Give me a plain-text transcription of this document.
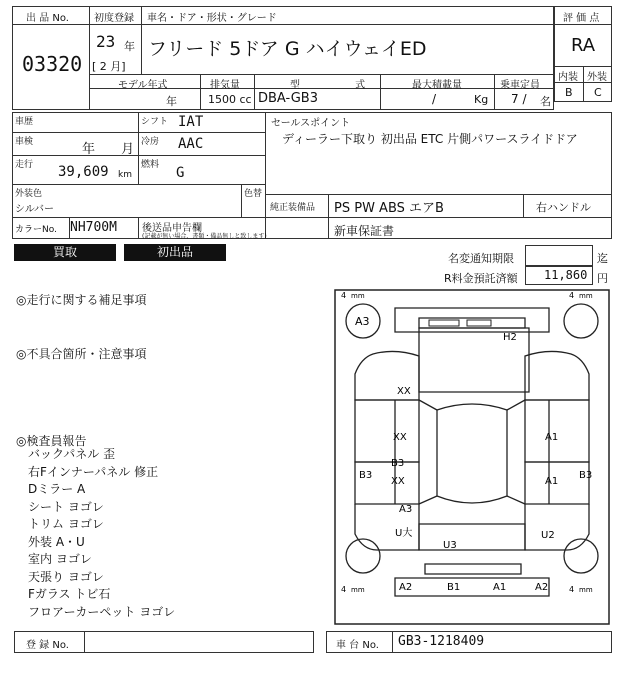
出 品 No.
03320
初度登録 車名・ドア・形状・グレード
23 年
[ 2 月]
フリード 5ドア G ハイウェイED
モデル年式	排気量	型 式 最大積載量	乗車定員
年	1500 cc DBA-GB3	/	Kg 7 / 名
評 価 点
RA
内装 外装
B C
車歴
車検	年 月
走行 39,609 km
シフト IAT
冷房 AAC
燃料 G
セールスポイント
ディーラー下取り 初出品 ETC 片側パワースライドドア
外装色
シルバー
色替
カラーNo. NH700M	後送品申告欄
(記載が無い場合、書類・備品無しと致します)
純正装備品 PS PW ABS エアB	右ハンドル
新車保証書
買取	初出品	名変通知期限	迄
R料金預託済額 11,860 円
◎走行に関する補足事項
◎不具合箇所・注意事項
◎検査員報告
バックパネル 歪
右Fインナーパネル 修正
Dミラー A
シート ヨゴレ
トリム ヨゴレ
外装 A・U
室内 ヨゴレ
天張り ヨゴレ
Fガラス トビ石
フロアーカーペット ヨゴレ
4 mm	4 mm
4 mm	4 mm
A3
H2
XX
XX	A1
B3
B3
XX	A1
B3
A3
U大
U3
U2
A2	B1	A1	A2
登 録 No.	車 台 No. GB3-1218409
